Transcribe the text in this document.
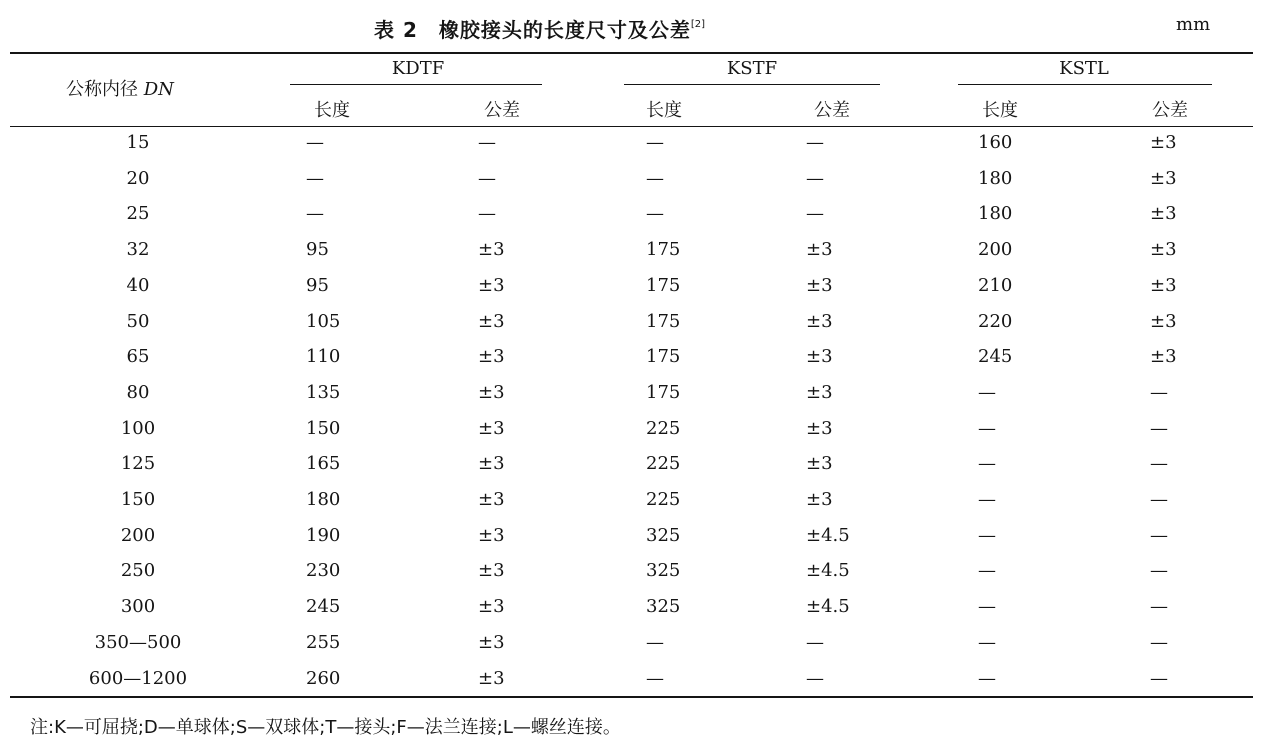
表 2　橡胶接头的长度尺寸及公差[2]	mm
公称内径 DN
KDTF	KSTF	KSTL
长度	公差	长度	公差	长度	公差
15	—	—	—	—	160	±3
20	—	—	—	—	180	±3
25	—	—	—	—	180	±3
32	95	±3	175	±3	200	±3
40	95	±3	175	±3	210	±3
50	105	±3	175	±3	220	±3
65	110	±3	175	±3	245	±3
80	135	±3	175	±3	—	—
100	150	±3	225	±3	—	—
125	165	±3	225	±3	—	—
150	180	±3	225	±3	—	—
200	190	±3	325	±4.5	—	—
250	230	±3	325	±4.5	—	—
300	245	±3	325	±4.5	—	—
350—500	255	±3	—	—	—	—
600—1200	260	±3	—	—	—	—
注:K—可屈挠;D—单球体;S—双球体;T—接头;F—法兰连接;L—螺丝连接。
